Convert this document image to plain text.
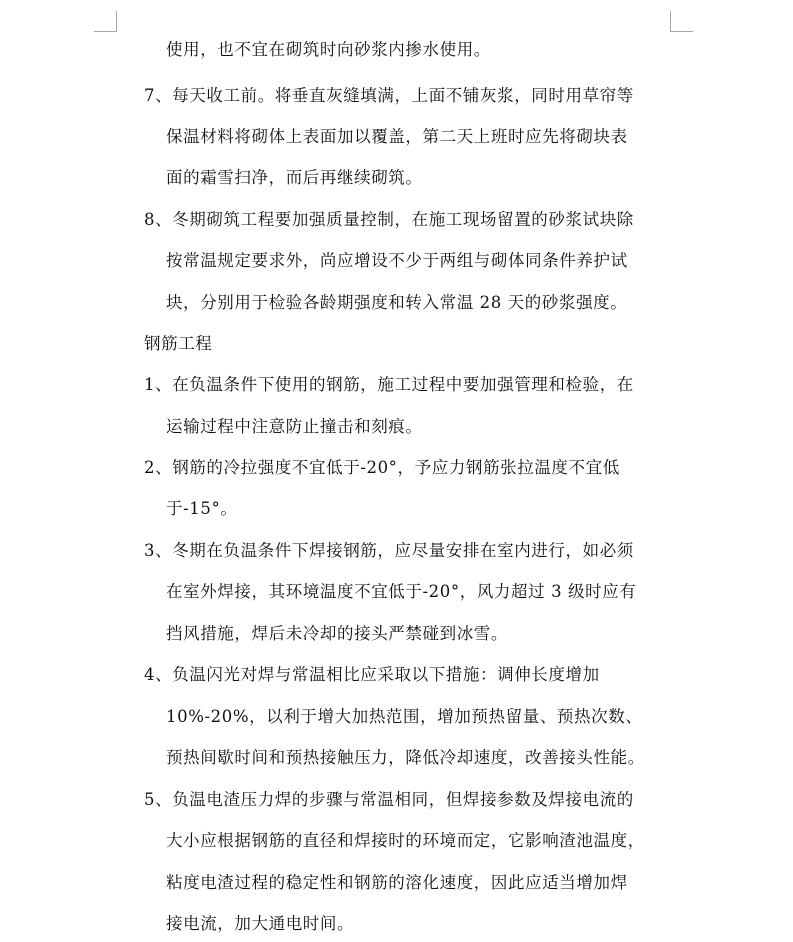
使用，也不宜在砌筑时向砂浆内掺水使用。
7、每天收工前。将垂直灰缝填满，上面不铺灰浆，同时用草帘等
保温材料将砌体上表面加以覆盖，第二天上班时应先将砌块表
面的霜雪扫净，而后再继续砌筑。
8、冬期砌筑工程要加强质量控制，在施工现场留置的砂浆试块除
按常温规定要求外，尚应增设不少于两组与砌体同条件养护试
块，分别用于检验各龄期强度和转入常温 28 天的砂浆强度。
钢筋工程
1、在负温条件下使用的钢筋，施工过程中要加强管理和检验，在
运输过程中注意防止撞击和刻痕。
2、钢筋的冷拉强度不宜低于-20°，予应力钢筋张拉温度不宜低
于-15°。
3、冬期在负温条件下焊接钢筋，应尽量安排在室内进行，如必须
在室外焊接，其环境温度不宜低于-20°，风力超过 3 级时应有
挡风措施，焊后未冷却的接头严禁碰到冰雪。
4、负温闪光对焊与常温相比应采取以下措施：调伸长度增加
10%-20%，以利于增大加热范围，增加预热留量、预热次数、
预热间歇时间和预热接触压力，降低冷却速度，改善接头性能。
5、负温电渣压力焊的步骤与常温相同，但焊接参数及焊接电流的
大小应根据钢筋的直径和焊接时的环境而定，它影响渣池温度，
粘度电渣过程的稳定性和钢筋的溶化速度，因此应适当增加焊
接电流，加大通电时间。
